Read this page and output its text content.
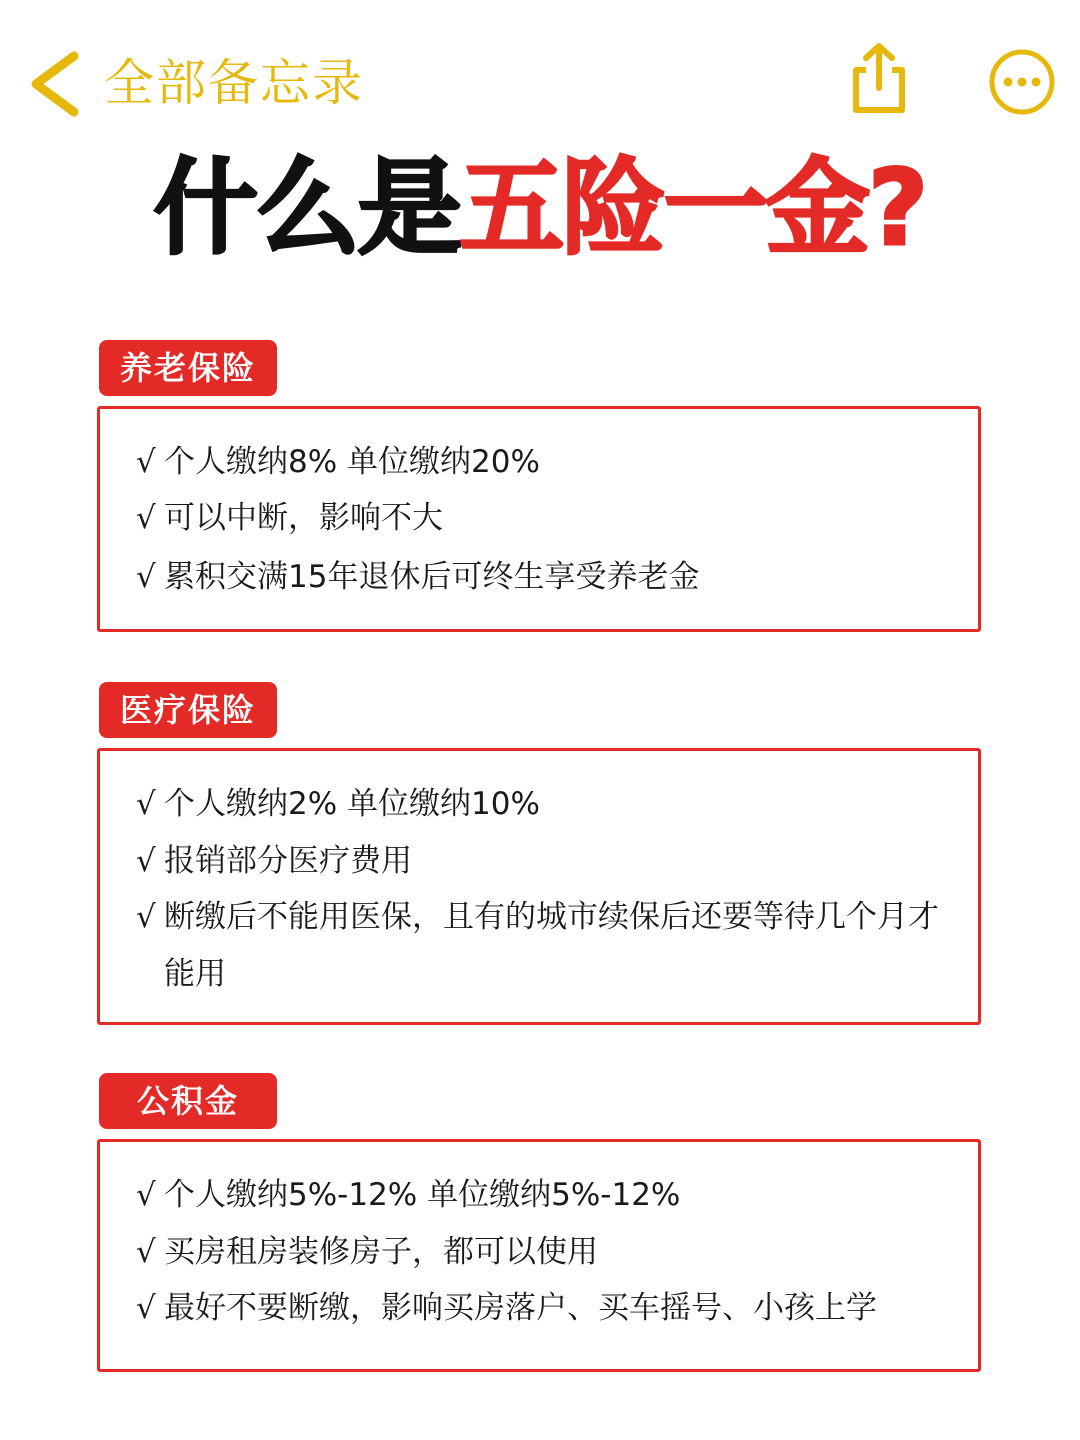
全部备忘录
什么是五险一金?
养老保险
√ 个人缴纳8% 单位缴纳20%
√ 可以中断，影响不大
√ 累积交满15年退休后可终生享受养老金
医疗保险
√ 个人缴纳2% 单位缴纳10%
√ 报销部分医疗费用
√ 断缴后不能用医保，且有的城市续保后还要等待几个月才
能用
公积金
√ 个人缴纳5%-12% 单位缴纳5%-12%
√ 买房租房装修房子，都可以使用
√ 最好不要断缴，影响买房落户、买车摇号、小孩上学
